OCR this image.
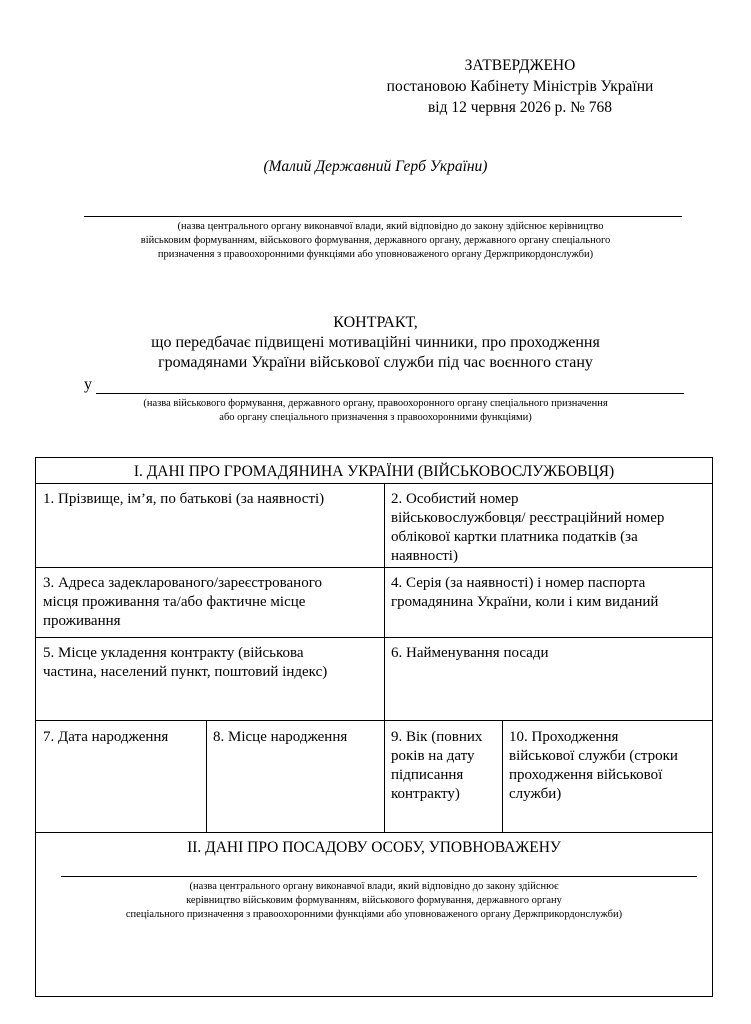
ЗАТВЕРДЖЕНО
постановою Кабінету Міністрів України
від 12 червня 2026 р. № 768
(Малий Державний Герб України)
(назва центрального органу виконавчої влади, який відповідно до закону здійснює керівництво
військовим формуванням, військового формування, державного органу, державного органу спеціального
призначення з правоохоронними функціями або уповноваженого органу Держприкордонслужби)
КОНТРАКТ,
що передбачає підвищені мотиваційні чинники, про проходження
громадянами України військової служби під час воєнного стану
у
(назва військового формування, державного органу, правоохоронного органу спеціального призначення
або органу спеціального призначення з правоохоронними функціями)
І. ДАНІ ПРО ГРОМАДЯНИНА УКРАЇНИ (ВІЙСЬКОВОСЛУЖБОВЦЯ)
1. Прізвище, ім’я, по батькові (за наявності)	2. Особистий номер
військовослужбовця/ реєстраційний номер
облікової картки платника податків (за
наявності)
3. Адреса задекларованого/зареєстрованого
місця проживання та/або фактичне місце
проживання
4. Серія (за наявності) і номер паспорта
громадянина України, коли і ким виданий
5. Місце укладення контракту (військова
частина, населений пункт, поштовий індекс)
6. Найменування посади
7. Дата народження	8. Місце народження	9. Вік (повних
років на дату
підписання
контракту)
10. Проходження
військової служби (строки
проходження військової
служби)
ІІ. ДАНІ ПРО ПОСАДОВУ ОСОБУ, УПОВНОВАЖЕНУ
(назва центрального органу виконавчої влади, який відповідно до закону здійснює
керівництво військовим формуванням, військового формування, державного органу
спеціального призначення з правоохоронними функціями або уповноваженого органу Держприкордонслужби)
